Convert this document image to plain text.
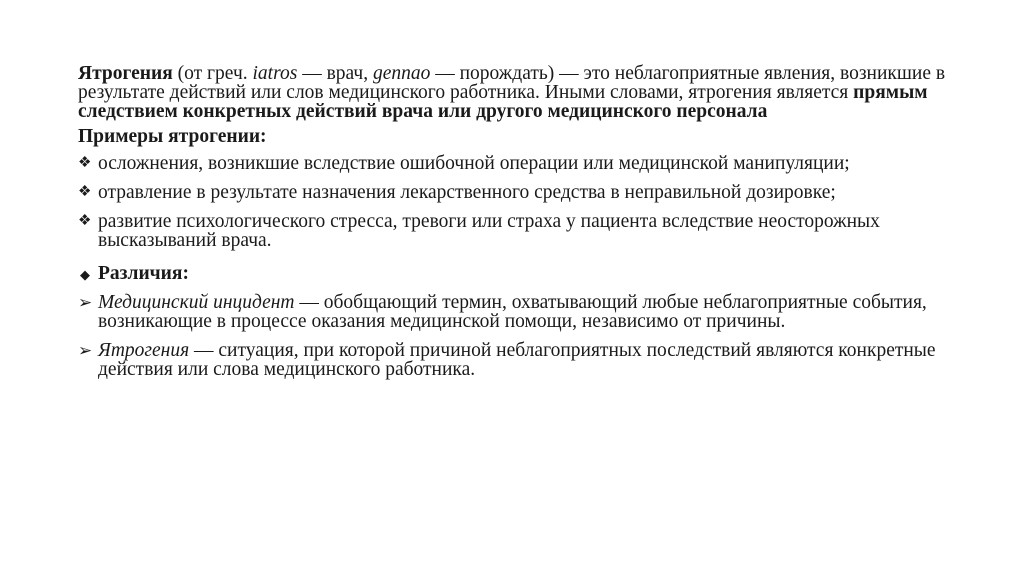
Ятрогения (от греч. iatros — врач, gennao — порождать) — это неблагоприятные явления, возникшие в результате действий или слов медицинского работника. Иными словами, ятрогения является прямым следствием конкретных действий врача или другого медицинского персонала

Примеры ятрогении:

❖ осложнения, возникшие вследствие ошибочной операции или медицинской манипуляции;
❖ отравление в результате назначения лекарственного средства в неправильной дозировке;
❖ развитие психологического стресса, тревоги или страха у пациента вследствие неосторожных высказываний врача.
◆ Различия:
➢ Медицинский инцидент — обобщающий термин, охватывающий любые неблагоприятные события, возникающие в процессе оказания медицинской помощи, независимо от причины.
➢ Ятрогения — ситуация, при которой причиной неблагоприятных последствий являются конкретные действия или слова медицинского работника.
